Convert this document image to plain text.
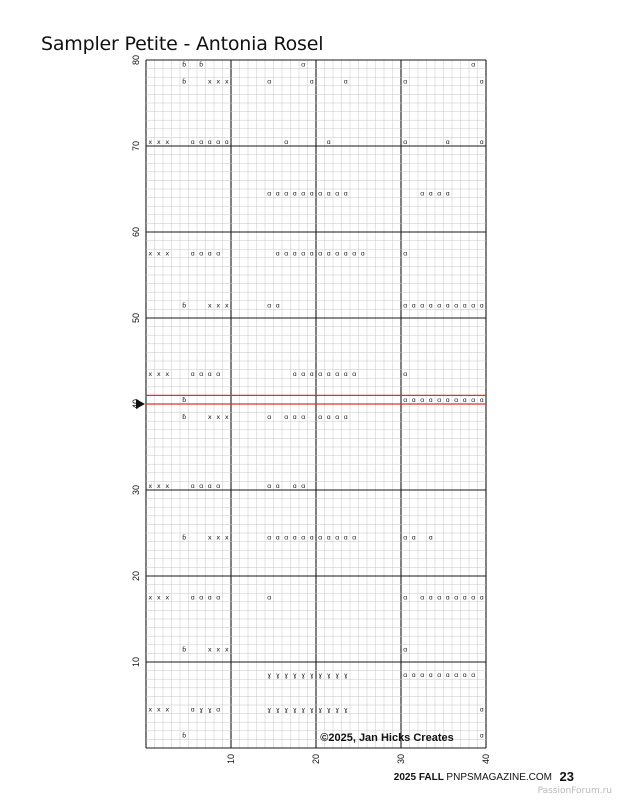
Sampler Petite - Antonia Rosel
80
70
60
50
40
30
20
10
10	20	30	40
ɓ ɓ	ɑ	ɑ
ɓ	x x x	ɑ	ɑ	ɑ	ɑ	ɑ
x x x	ɑ ɑ ɑ ɑ ɑ	ɑ	ɑ	ɑ	ɑ	ɑ
ɑ ɑ ɑ ɑ ɑ ɑ ɑ ɑ ɑ ɑ	ɑ ɑ ɑ ɑ
x x x	ɑ ɑ ɑ ɑ	ɑ ɑ ɑ ɑ ɑ ɑ ɑ ɑ ɑ ɑ ɑ	ɑ
ɓ	x x x	ɑ ɑ	ɑ ɑ ɑ ɑ ɑ ɑ ɑ ɑ ɑ ɑ
x x x	ɑ ɑ ɑ ɑ	ɑ ɑ ɑ ɑ ɑ ɑ ɑ ɑ	ɑ
ɓ	ɑ ɑ ɑ ɑ ɑ ɑ ɑ ɑ ɑ ɑ
ɓ	x x x	ɑ ɑ ɑ ɑ ɑ ɑ ɑ ɑ
x x x	ɑ ɑ ɑ ɑ	ɑ ɑ ɑ ɑ
ɓ	x x x	ɑ ɑ ɑ ɑ ɑ ɑ ɑ ɑ ɑ ɑ ɑ	ɑ ɑ ɑ
x x x	ɑ ɑ ɑ ɑ	ɑ	ɑ ɑ ɑ ɑ ɑ ɑ ɑ ɑ ɑ
ɓ	x x x	ɑ
ɣ ɣ ɣ ɣ ɣ ɣ ɣ ɣ ɣ ɣ	ɑ ɑ ɑ ɑ ɑ ɑ ɑ ɑ ɑ
x x x	ɑ ɣ ɣ ɑ	ɣ ɣ ɣ ɣ ɣ ɣ ɣ ɣ ɣ ɣ	ɑ
ɓ	ɑ
©2025, Jan Hicks Creates
2025 FALL PNPSMAGAZINE.COM 23
PassionForum.ru
